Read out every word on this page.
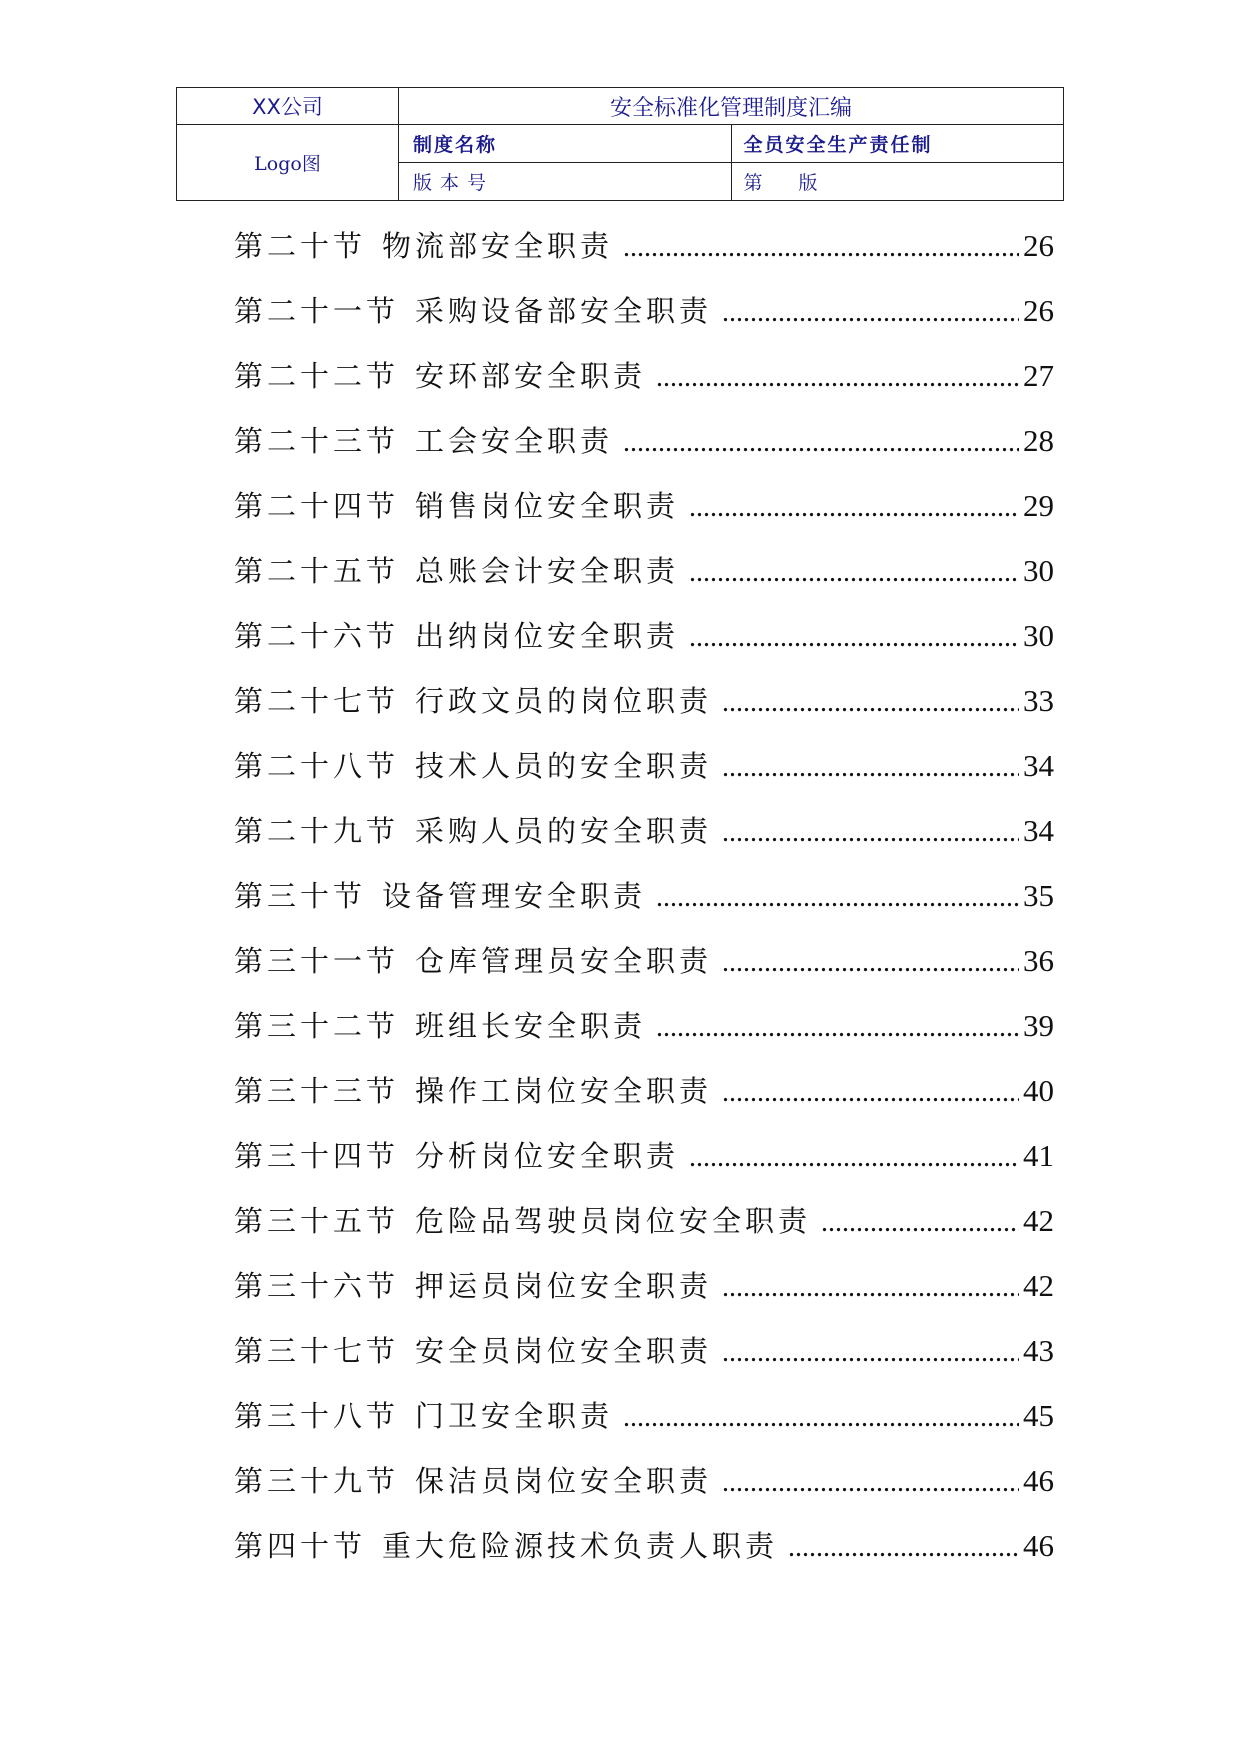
XX公司	安全标准化管理制度汇编	
Logo图	制度名称	全员安全生产责任制
	版本号	第 版
第二十节 物流部安全职责 .....	26
第二十一节 采购设备部安全职责 .....	26
第二十二节 安环部安全职责 .....	27
第二十三节 工会安全职责 .....	28
第二十四节 销售岗位安全职责 .....	29
第二十五节 总账会计安全职责 .....	30
第二十六节 出纳岗位安全职责 .....	30
第二十七节 行政文员的岗位职责 .....	33
第二十八节 技术人员的安全职责 .....	34
第二十九节 采购人员的安全职责 .....	34
第三十节 设备管理安全职责 .....	35
第三十一节 仓库管理员安全职责 .....	36
第三十二节 班组长安全职责 .....	39
第三十三节 操作工岗位安全职责 .....	40
第三十四节 分析岗位安全职责 .....	41
第三十五节 危险品驾驶员岗位安全职责 .....	42
第三十六节 押运员岗位安全职责 .....	42
第三十七节 安全员岗位安全职责 .....	43
第三十八节 门卫安全职责 .....	45
第三十九节 保洁员岗位安全职责 .....	46
第四十节 重大危险源技术负责人职责 .....	46
